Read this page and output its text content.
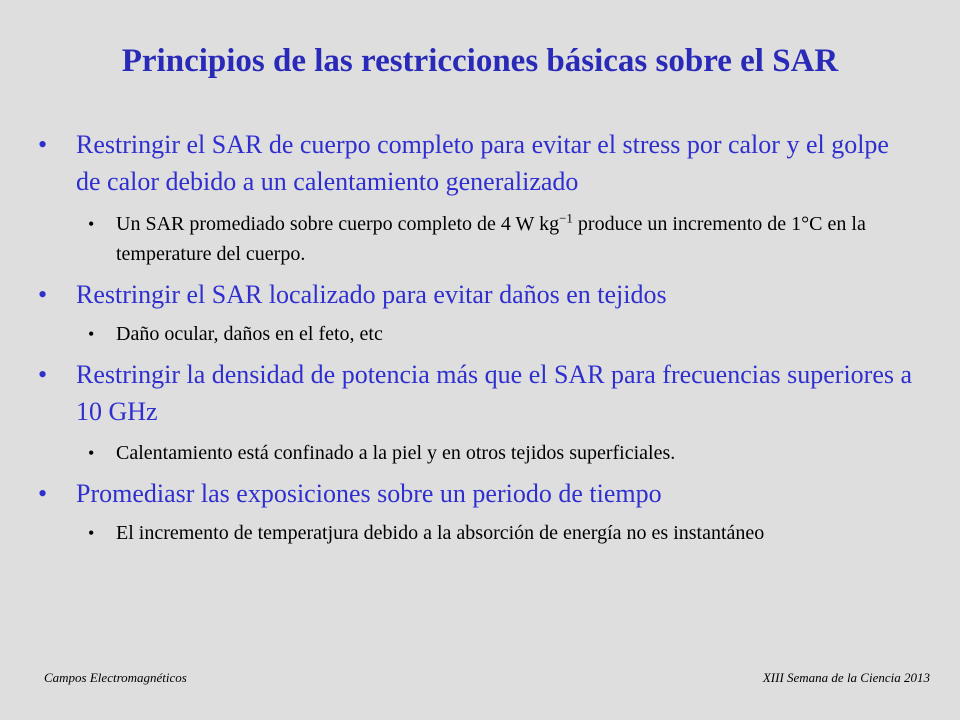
Principios de las restricciones básicas sobre el SAR

• Restringir el SAR de cuerpo completo para evitar el stress por calor y el golpe de calor debido a un calentamiento generalizado

• Un SAR promediado sobre cuerpo completo de 4 W $kg^{-1}$ produce un incremento de 1°C en la temperature del cuerpo.

• Restringir el SAR localizado para evitar daños en tejidos

• Daño ocular, daños en el feto, etc

• Restringir la densidad de potencia más que el SAR para frecuencias superiores a 10 GHz

• Calentamiento está confinado a la piel y en otros tejidos superficiales.

• Promediasr las exposiciones sobre un periodo de tiempo

• El incremento de temperatjura debido a la absorción de energía no es instantáneo

Campos Electromagnéticos	XIII Semana de la Ciencia 2013
